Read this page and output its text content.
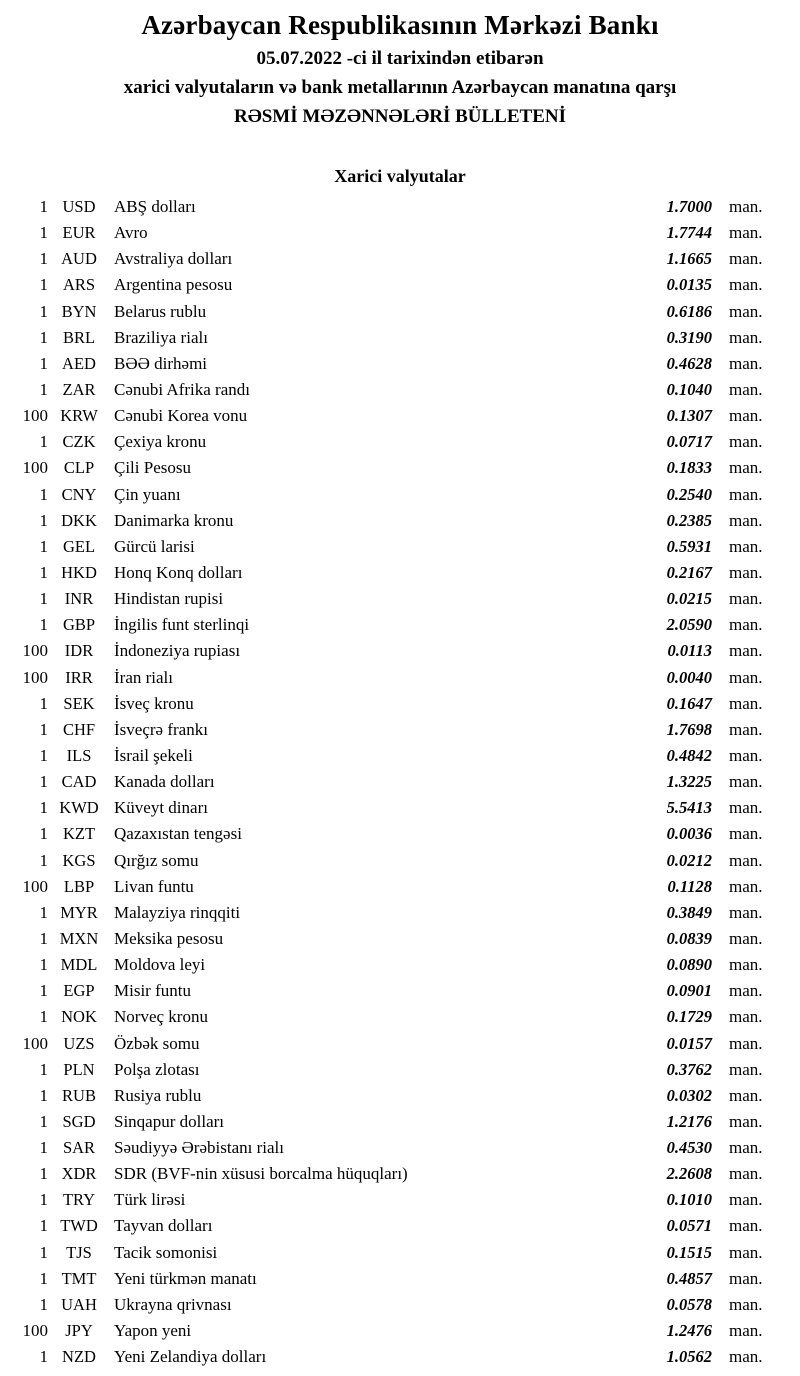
Azərbaycan Respublikasının Mərkəzi Bankı
05.07.2022 -ci il tarixindən etibarən
xarici valyutaların və bank metallarının Azərbaycan manatına qarşı
RƏSMİ MƏZƏNNƏLƏRİ BÜLLETENİ
Xarici valyutalar
1 USD	ABŞ dolları	1.7000	man.
1 EUR	Avro	1.7744	man.
1 AUD	Avstraliya dolları	1.1665	man.
1 ARS	Argentina pesosu	0.0135	man.
1 BYN	Belarus rublu	0.6186	man.
1 BRL	Braziliya rialı	0.3190	man.
1 AED	BƏƏ dirhəmi	0.4628	man.
1 ZAR	Cənubi Afrika randı	0.1040	man.
100 KRW Cənubi Korea vonu	0.1307	man.
1 CZK	Çexiya kronu	0.0717	man.
100 CLP	Çili Pesosu	0.1833	man.
1 CNY	Çin yuanı	0.2540	man.
1 DKK	Danimarka kronu	0.2385	man.
1 GEL	Gürcü larisi	0.5931	man.
1 HKD	Honq Konq dolları	0.2167	man.
1	INR	Hindistan rupisi	0.0215	man.
1 GBP	İngilis funt sterlinqi	2.0590	man.
100	IDR	İndoneziya rupiası	0.0113	man.
100	IRR	İran rialı	0.0040	man.
1 SEK	İsveç kronu	0.1647	man.
1 CHF	İsveçrə frankı	1.7698	man.
1	ILS	İsrail şekeli	0.4842	man.
1 CAD	Kanada dolları	1.3225	man.
1 KWD Küveyt dinarı	5.5413	man.
1 KZT	Qazaxıstan tengəsi	0.0036	man.
1 KGS	Qırğız somu	0.0212	man.
100 LBP	Livan funtu	0.1128	man.
1 MYR Malayziya rinqqiti	0.3849	man.
1 MXN Meksika pesosu	0.0839	man.
1 MDL Moldova leyi	0.0890	man.
1 EGP	Misir funtu	0.0901	man.
1 NOK	Norveç kronu	0.1729	man.
100 UZS	Özbək somu	0.0157	man.
1 PLN	Polşa zlotası	0.3762	man.
1 RUB	Rusiya rublu	0.0302	man.
1 SGD	Sinqapur dolları	1.2176	man.
1 SAR	Səudiyyə Ərəbistanı rialı	0.4530	man.
1 XDR	SDR (BVF-nin xüsusi borcalma hüquqları)	2.2608	man.
1 TRY	Türk lirəsi	0.1010	man.
1 TWD Tayvan dolları	0.0571	man.
1	TJS	Tacik somonisi	0.1515	man.
1 TMT	Yeni türkmən manatı	0.4857	man.
1 UAH	Ukrayna qrivnası	0.0578	man.
100	JPY	Yapon yeni	1.2476	man.
1 NZD	Yeni Zelandiya dolları	1.0562	man.
